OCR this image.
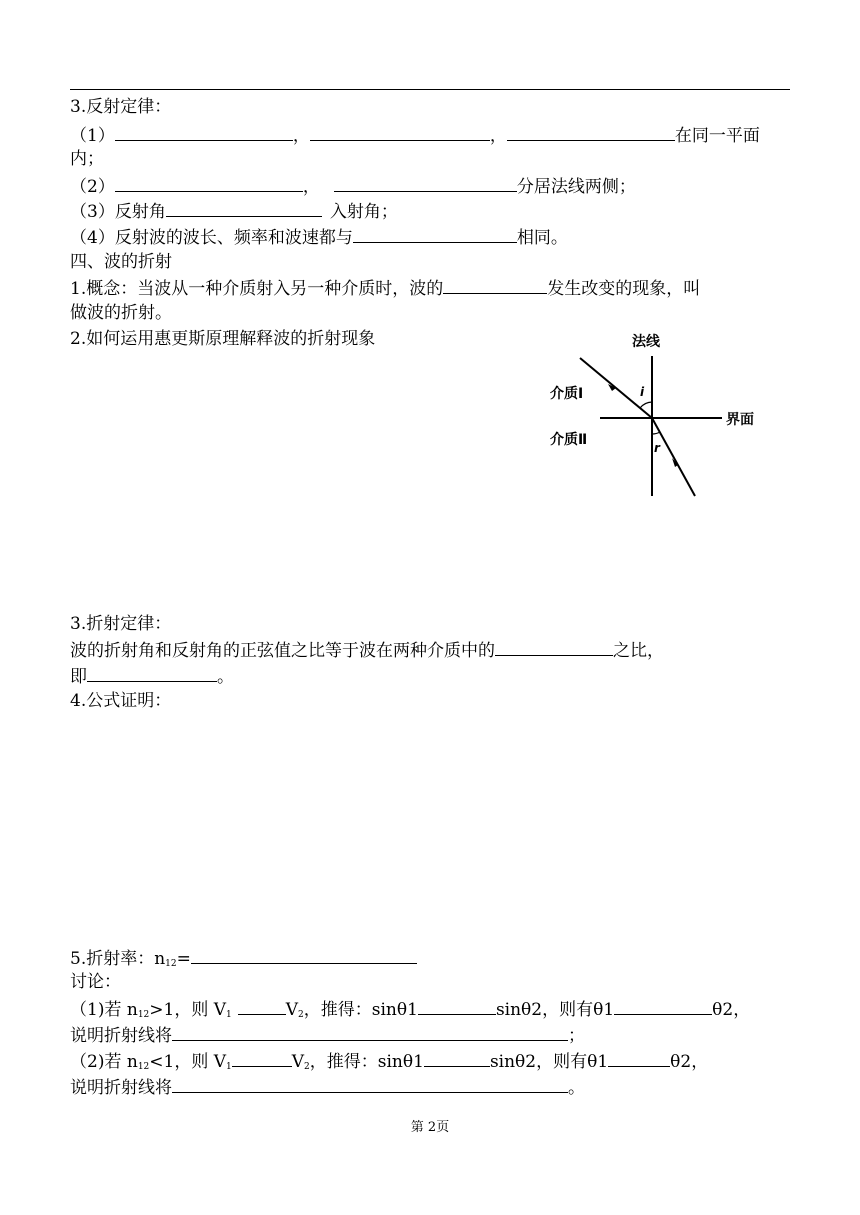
3.反射定律：
（1）	，	，	在同一平面
内；
（2）	，	分居法线两侧；
（3）反射角	入射角；
（4）反射波的波长、频率和波速都与	相同。
四、波的折射
1.概念：当波从一种介质射入另一种介质时，波的	发生改变的现象，叫
做波的折射。
2.如何运用惠更斯原理解释波的折射现象	法线
界面
介质Ⅰ
介质Ⅱ
i
r
3.折射定律：
波的折射角和反射角的正弦值之比等于波在两种介质中的	之比，
即	。
4.公式证明：
5.折射率：$n_{12}=$
讨论：
（1)若 $n_{12}>1$，则 $V_1$	$V_2$，推得：sinθ1	sinθ2，则有θ1	θ2，
说明折射线将	；
（2)若 $n_{12}<1$，则 $V_1$	$V_2$，推得：sinθ1	sinθ2，则有θ1	θ2，
说明折射线将	。
第 2页
